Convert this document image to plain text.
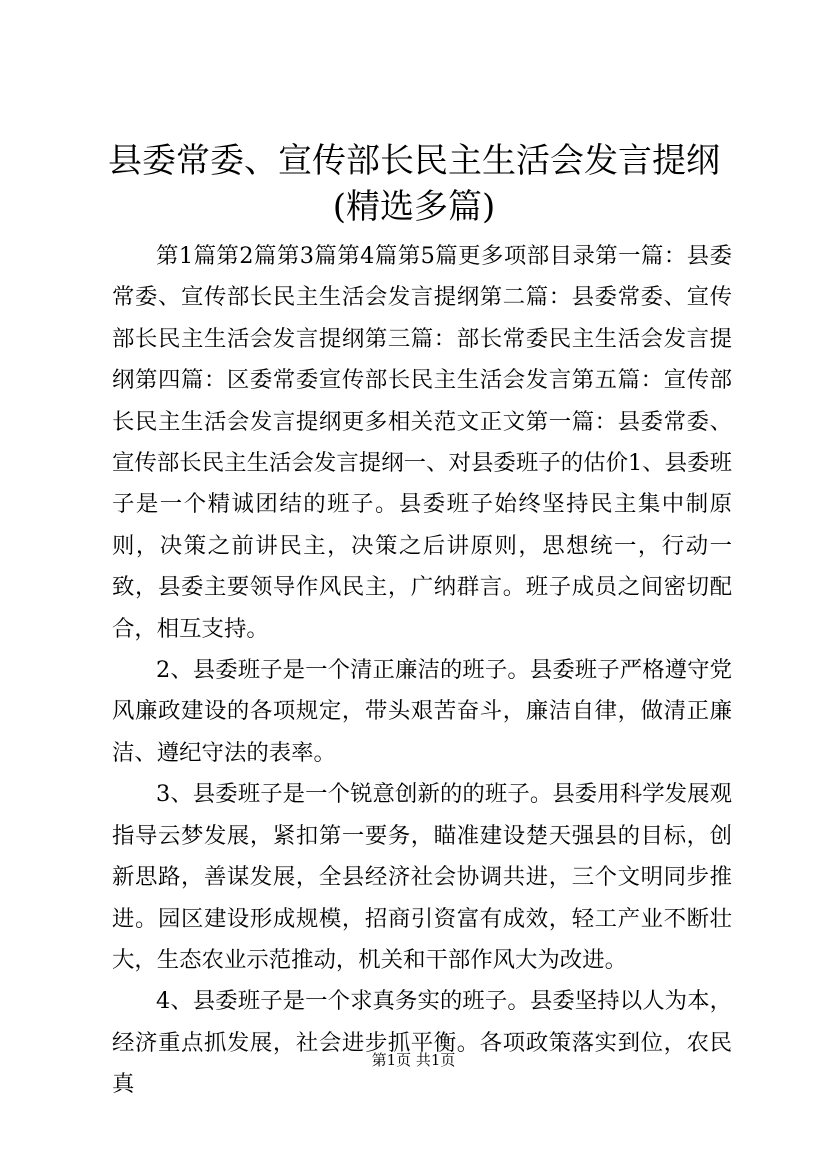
县委常委、宣传部长民主生活会发言提纲(精选多篇)

第1篇第2篇第3篇第4篇第5篇更多项部目录第一篇：县委常委、宣传部长民主生活会发言提纲第二篇：县委常委、宣传部长民主生活会发言提纲第三篇：部长常委民主生活会发言提纲第四篇：区委常委宣传部长民主生活会发言第五篇：宣传部长民主生活会发言提纲更多相关范文正文第一篇：县委常委、宣传部长民主生活会发言提纲一、对县委班子的估价1、县委班子是一个精诚团结的班子。县委班子始终坚持民主集中制原则，决策之前讲民主，决策之后讲原则，思想统一，行动一致，县委主要领导作风民主，广纳群言。班子成员之间密切配合，相互支持。

2、县委班子是一个清正廉洁的班子。县委班子严格遵守党风廉政建设的各项规定，带头艰苦奋斗，廉洁自律，做清正廉洁、遵纪守法的表率。

3、县委班子是一个锐意创新的的班子。县委用科学发展观指导云梦发展，紧扣第一要务，瞄准建设楚天强县的目标，创新思路，善谋发展，全县经济社会协调共进，三个文明同步推进。园区建设形成规模，招商引资富有成效，轻工产业不断壮大，生态农业示范推动，机关和干部作风大为改进。

4、县委班子是一个求真务实的班子。县委坚持以人为本，经济重点抓发展，社会进步抓平衡。各项政策落实到位，农民真

第1页 共1页
